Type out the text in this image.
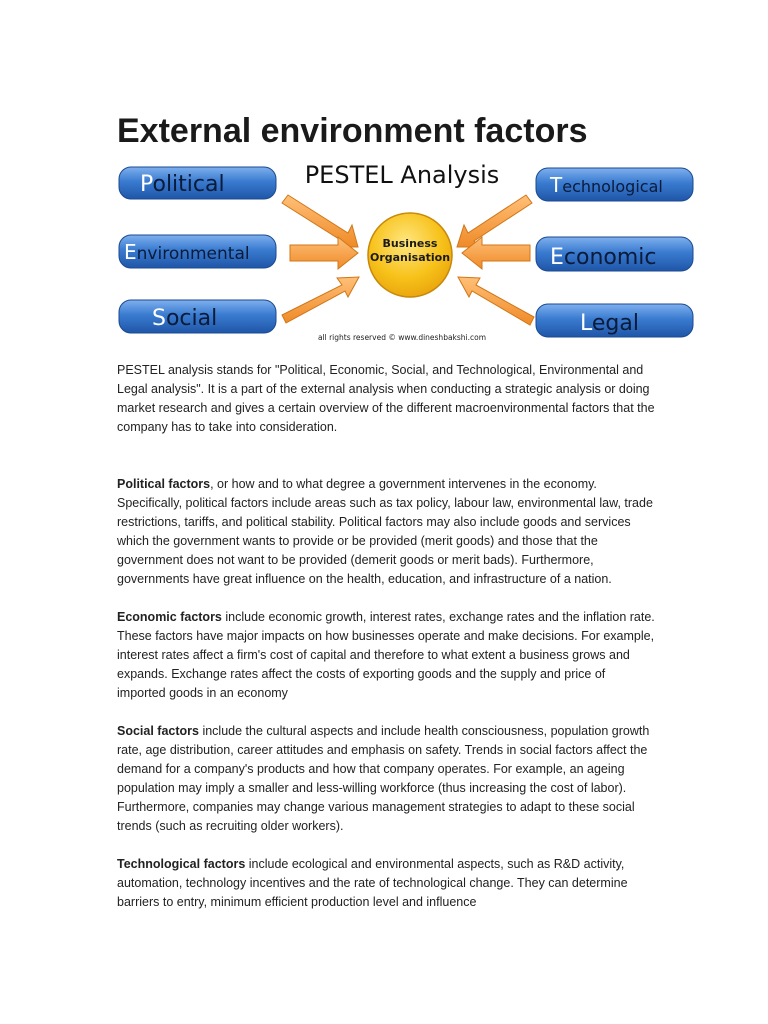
External environment factors
PESTEL Analysis
Business
Organisation
Political
Environmental
Social
Technological
Economic
Legal
all rights reserved © www.dineshbakshi.com

PESTEL analysis stands for "Political, Economic, Social, and Technological, Environmental and Legal analysis". It is a part of the external analysis when conducting a strategic analysis or doing market research and gives a certain overview of the different macroenvironmental factors that the company has to take into consideration.

Political factors, or how and to what degree a government intervenes in the economy. Specifically, political factors include areas such as tax policy, labour law, environmental law, trade restrictions, tariffs, and political stability. Political factors may also include goods and services which the government wants to provide or be provided (merit goods) and those that the government does not want to be provided (demerit goods or merit bads). Furthermore, governments have great influence on the health, education, and infrastructure of a nation.

Economic factors include economic growth, interest rates, exchange rates and the inflation rate. These factors have major impacts on how businesses operate and make decisions. For example, interest rates affect a firm's cost of capital and therefore to what extent a business grows and expands. Exchange rates affect the costs of exporting goods and the supply and price of imported goods in an economy

Social factors include the cultural aspects and include health consciousness, population growth rate, age distribution, career attitudes and emphasis on safety. Trends in social factors affect the demand for a company's products and how that company operates. For example, an ageing population may imply a smaller and less-willing workforce (thus increasing the cost of labor). Furthermore, companies may change various management strategies to adapt to these social trends (such as recruiting older workers).

Technological factors include ecological and environmental aspects, such as R&D activity, automation, technology incentives and the rate of technological change. They can determine barriers to entry, minimum efficient production level and influence
